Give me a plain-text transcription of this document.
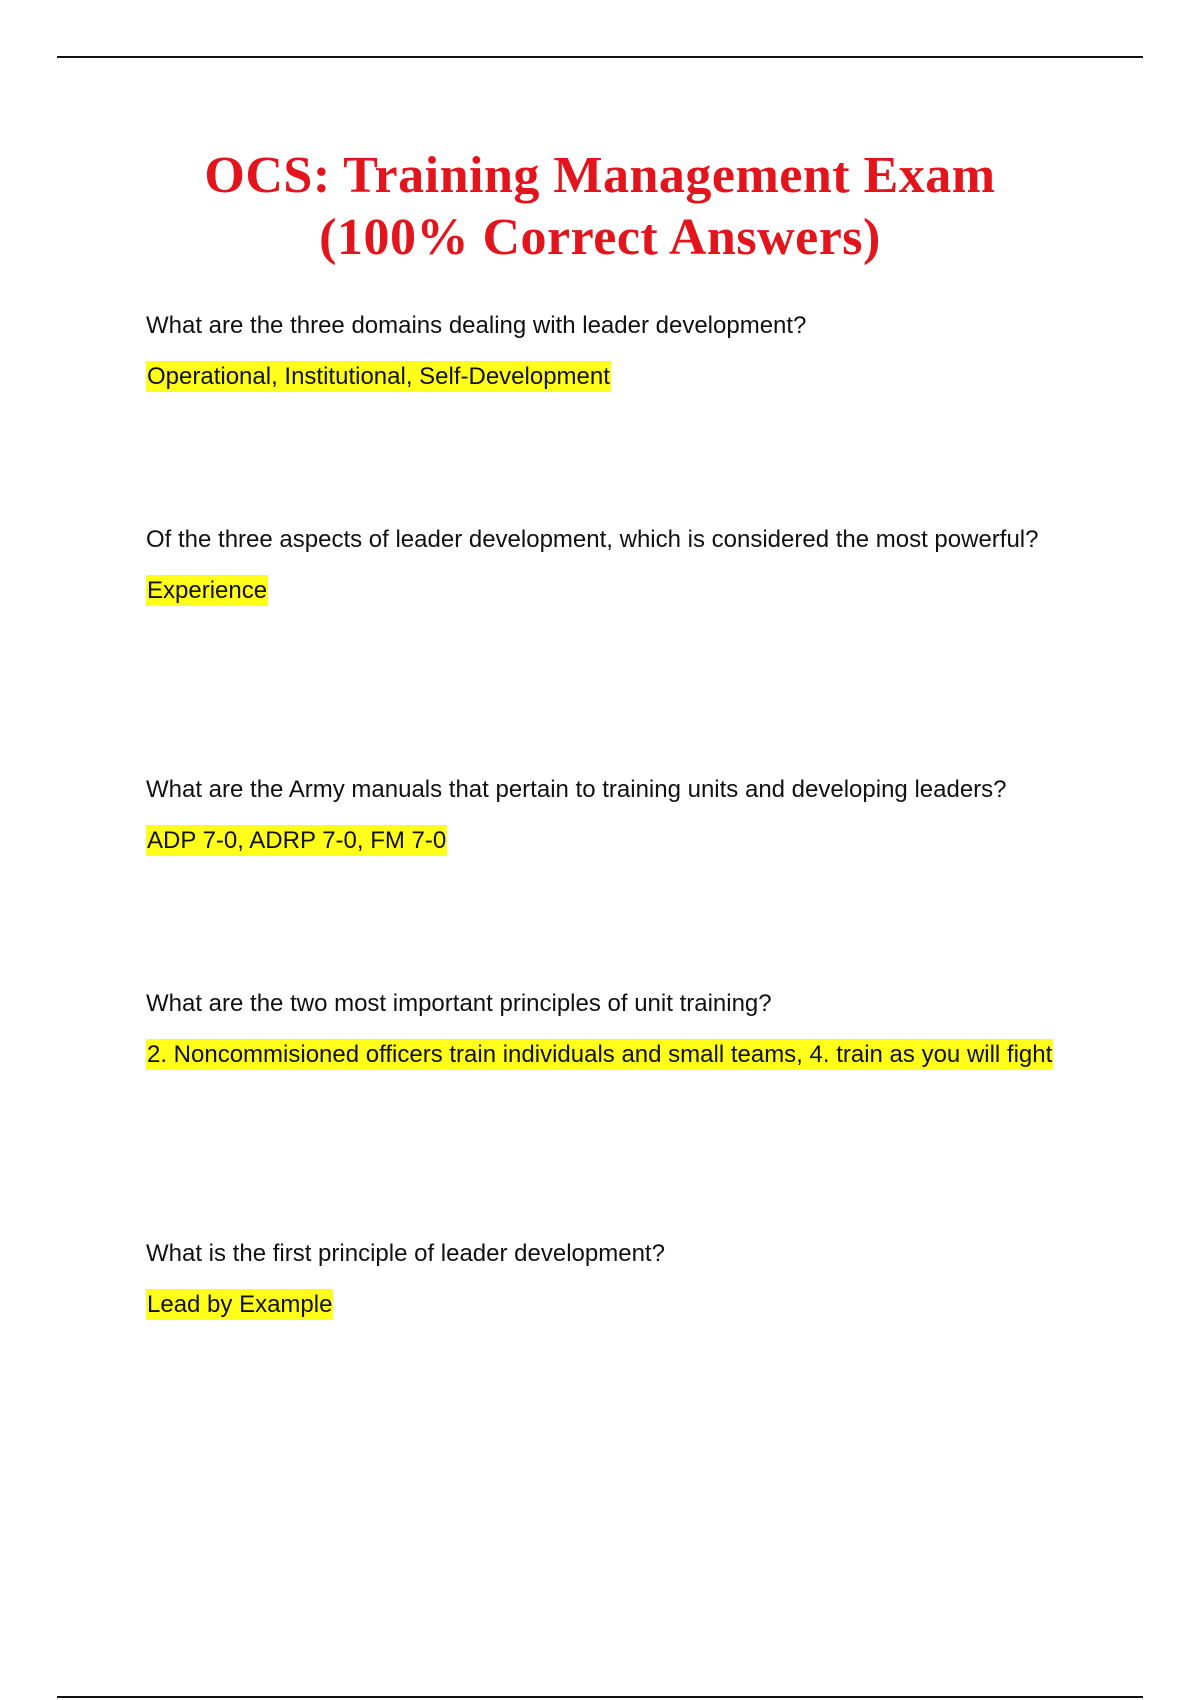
OCS: Training Management Exam
(100% Correct Answers)

What are the three domains dealing with leader development?

Operational, Institutional, Self-Development

Of the three aspects of leader development, which is considered the most powerful?

Experience

What are the Army manuals that pertain to training units and developing leaders?

ADP 7-0, ADRP 7-0, FM 7-0

What are the two most important principles of unit training?

2. Noncommisioned officers train individuals and small teams, 4. train as you will fight

What is the first principle of leader development?

Lead by Example
